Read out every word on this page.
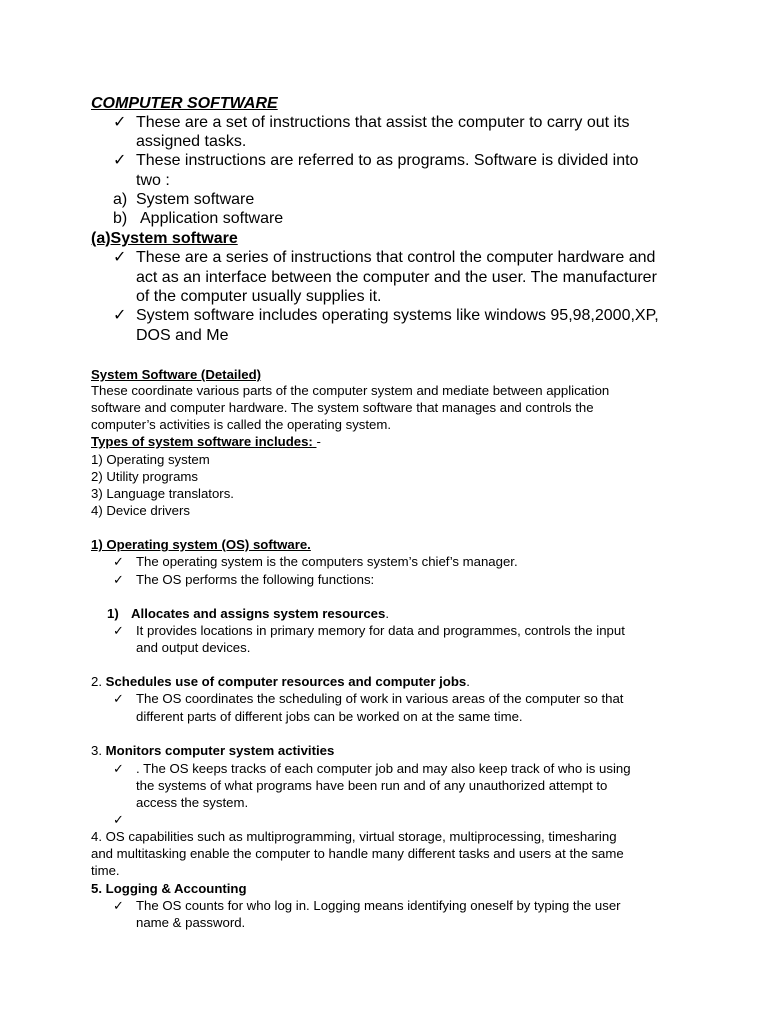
COMPUTER SOFTWARE
✓ These are a set of instructions that assist the computer to carry out its
assigned tasks.
✓ These instructions are referred to as programs. Software is divided into
two :
a) System software
b) Application software
(a)System software
✓ These are a series of instructions that control the computer hardware and
act as an interface between the computer and the user. The manufacturer
of the computer usually supplies it.
✓ System software includes operating systems like windows 95,98,2000,XP,
DOS and Me
System Software (Detailed)
These coordinate various parts of the computer system and mediate between application
software and computer hardware. The system software that manages and controls the
computer’s activities is called the operating system.
Types of system software includes: -
1) Operating system
2) Utility programs
3) Language translators.
4) Device drivers
1) Operating system (OS) software.
✓ The operating system is the computers system’s chief’s manager.
✓ The OS performs the following functions:
1) Allocates and assigns system resources.
✓ It provides locations in primary memory for data and programmes, controls the input
and output devices.
2. Schedules use of computer resources and computer jobs.
✓ The OS coordinates the scheduling of work in various areas of the computer so that
different parts of different jobs can be worked on at the same time.
3. Monitors computer system activities
✓ . The OS keeps tracks of each computer job and may also keep track of who is using
the systems of what programs have been run and of any unauthorized attempt to
access the system.
✓
4. OS capabilities such as multiprogramming, virtual storage, multiprocessing, timesharing
and multitasking enable the computer to handle many different tasks and users at the same
time.
5. Logging & Accounting
✓ The OS counts for who log in. Logging means identifying oneself by typing the user
name & password.
